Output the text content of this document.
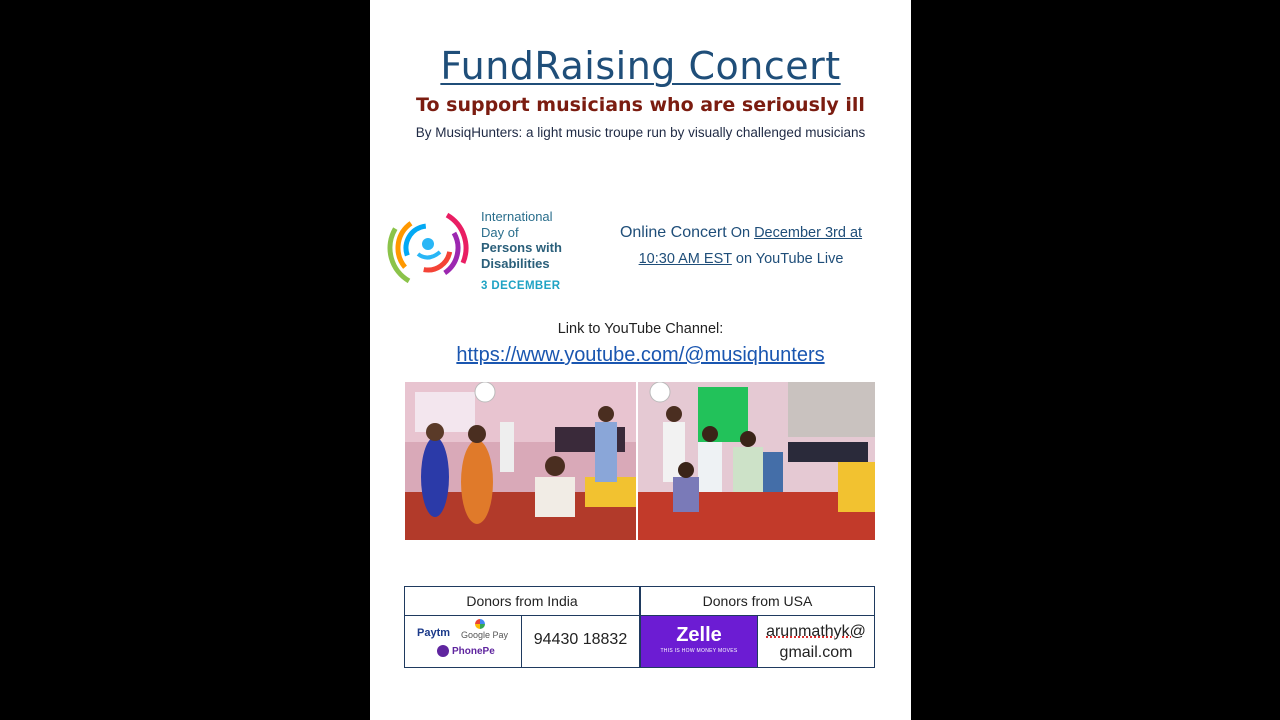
FundRaising Concert
To support musicians who are seriously ill
By MusiqHunters: a light music troupe run by visually challenged musicians
International
Day of
Persons with
Disabilities
3 DECEMBER
Online Concert On December 3rd at
10:30 AM EST on YouTube Live
Link to YouTube Channel:
https://www.youtube.com/@musiqhunters
Donors from India
Paytm Google Pay
PhonePe
94430 18832
Donors from USA
Zelle
THIS IS HOW MONEY MOVES
arunmathyk@
gmail.com
